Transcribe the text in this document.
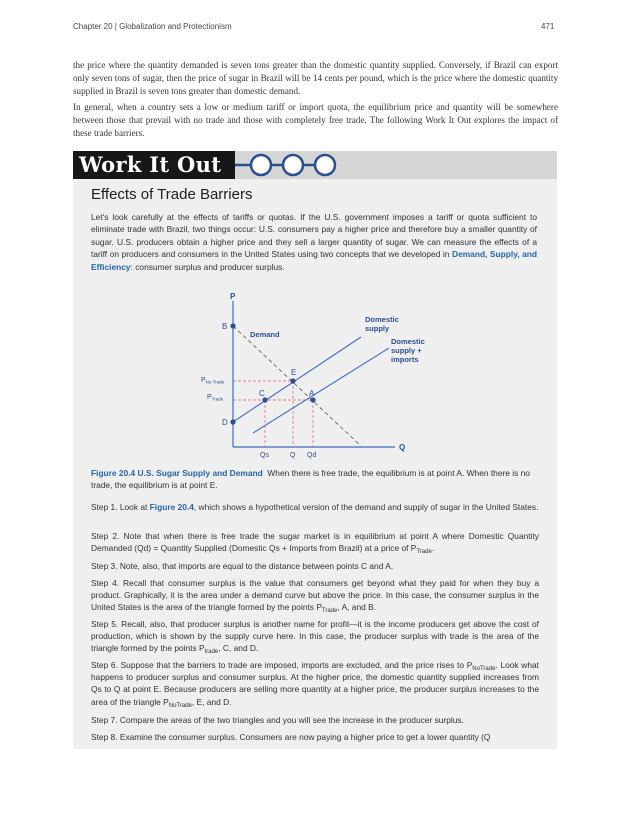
Chapter 20 | Globalization and Protectionism	471

the price where the quantity demanded is seven tons greater than the domestic quantity supplied. Conversely, if Brazil can export only seven tons of sugar, then the price of sugar in Brazil will be 14 cents per pound, which is the price where the domestic quantity supplied in Brazil is seven tons greater than domestic demand.

In general, when a country sets a low or medium tariff or import quota, the equilibrium price and quantity will be somewhere between those that prevail with no trade and those with completely free trade. The following Work It Out explores the impact of these trade barriers.

Work It Out
Effects of Trade Barriers

Let's look carefully at the effects of tariffs or quotas. If the U.S. government imposes a tariff or quota sufficient to eliminate trade with Brazil, two things occur: U.S. consumers pay a higher price and therefore buy a smaller quantity of sugar. U.S. producers obtain a higher price and they sell a larger quantity of sugar. We can measure the effects of a tariff on producers and consumers in the United States using two concepts that we developed in Demand, Supply, and Efficiency: consumer surplus and producer surplus.

P
Q
B
D
E
C	A
PNo Trade
PTrade
Qs	Q Qd
Demand
Domestic supply
Domestic supply + imports

Figure 20.4 U.S. Sugar Supply and Demand When there is free trade, the equilibrium is at point A. When there is no trade, the equilibrium is at point E.

Step 1. Look at Figure 20.4, which shows a hypothetical version of the demand and supply of sugar in the United States.

Step 2. Note that when there is free trade the sugar market is in equilibrium at point A where Domestic Quantity Demanded (Qd) = Quantity Supplied (Domestic Qs + Imports from Brazil) at a price of $P_{Trade}$.

Step 3. Note, also, that imports are equal to the distance between points C and A.

Step 4. Recall that consumer surplus is the value that consumers get beyond what they paid for when they buy a product. Graphically, it is the area under a demand curve but above the price. In this case, the consumer surplus in the United States is the area of the triangle formed by the points $P_{Trade}$, A, and B.

Step 5. Recall, also, that producer surplus is another name for profit—it is the income producers get above the cost of production, which is shown by the supply curve here. In this case, the producer surplus with trade is the area of the triangle formed by the points $P_{trade}$, C, and D.

Step 6. Suppose that the barriers to trade are imposed, imports are excluded, and the price rises to $P_{NoTrade}$. Look what happens to producer surplus and consumer surplus. At the higher price, the domestic quantity supplied increases from Qs to Q at point E. Because producers are selling more quantity at a higher price, the producer surplus increases to the area of the triangle $P_{NoTrade}$, E, and D.

Step 7. Compare the areas of the two triangles and you will see the increase in the producer surplus.

Step 8. Examine the consumer surplus. Consumers are now paying a higher price to get a lower quantity (Q
